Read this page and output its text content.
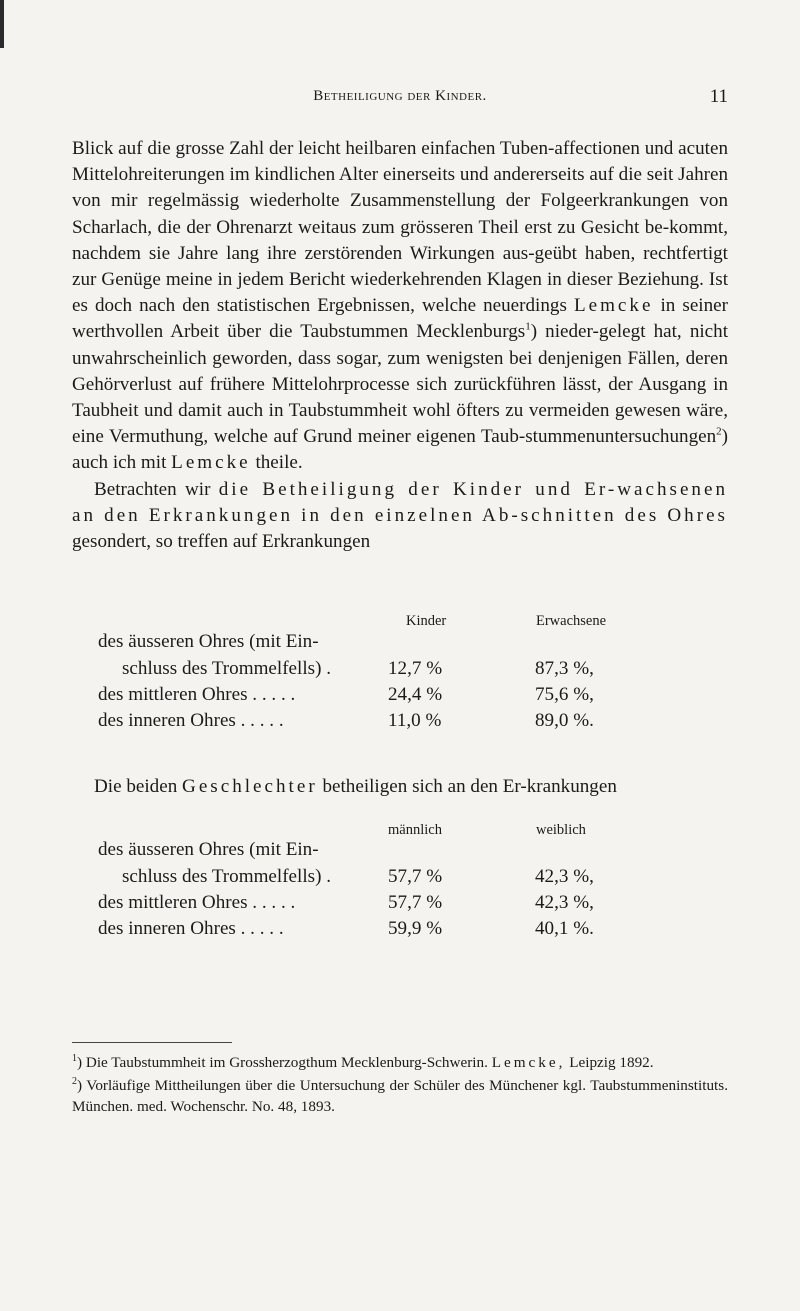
Betheiligung der Kinder.	11

Blick auf die grosse Zahl der leicht heilbaren einfachen Tuben-affectionen und acuten Mittelohreiterungen im kindlichen Alter einerseits und andererseits auf die seit Jahren von mir regelmässig wiederholte Zusammenstellung der Folgeerkrankungen von Scharlach, die der Ohrenarzt weitaus zum grösseren Theil erst zu Gesicht be-kommt, nachdem sie Jahre lang ihre zerstörenden Wirkungen aus-geübt haben, rechtfertigt zur Genüge meine in jedem Bericht wiederkehrenden Klagen in dieser Beziehung. Ist es doch nach den statistischen Ergebnissen, welche neuerdings Lemcke in seiner werthvollen Arbeit über die Taubstummen Mecklenburgs$^1$) nieder-gelegt hat, nicht unwahrscheinlich geworden, dass sogar, zum wenigsten bei denjenigen Fällen, deren Gehörverlust auf frühere Mittelohrprocesse sich zurückführen lässt, der Ausgang in Taubheit und damit auch in Taubstummheit wohl öfters zu vermeiden gewesen wäre, eine Vermuthung, welche auf Grund meiner eigenen Taub-stummenuntersuchungen$^2$) auch ich mit Lemcke theile.

Betrachten wir die Betheiligung der Kinder und Er-wachsenen an den Erkrankungen in den einzelnen Ab-schnitten des Ohres gesondert, so treffen auf Erkrankungen

Kinder	Erwachsene
des äusseren Ohres (mit Ein-
schluss des Trommelfells) .	12,7 %	87,3 %,
des mittleren Ohres . . . . .	24,4 %	75,6 %,
des inneren Ohres . . . . .	11,0 %	89,0 %.

Die beiden Geschlechter betheiligen sich an den Er-krankungen

männlich	weiblich
des äusseren Ohres (mit Ein-
schluss des Trommelfells) .	57,7 %	42,3 %,
des mittleren Ohres . . . . .	57,7 %	42,3 %,
des inneren Ohres . . . . .	59,9 %	40,1 %.

$^1$) Die Taubstummheit im Grossherzogthum Mecklenburg-Schwerin. Lemcke, Leipzig 1892.

$^2$) Vorläufige Mittheilungen über die Untersuchung der Schüler des Münchener kgl. Taubstummeninstituts. München. med. Wochenschr. No. 48, 1893.
